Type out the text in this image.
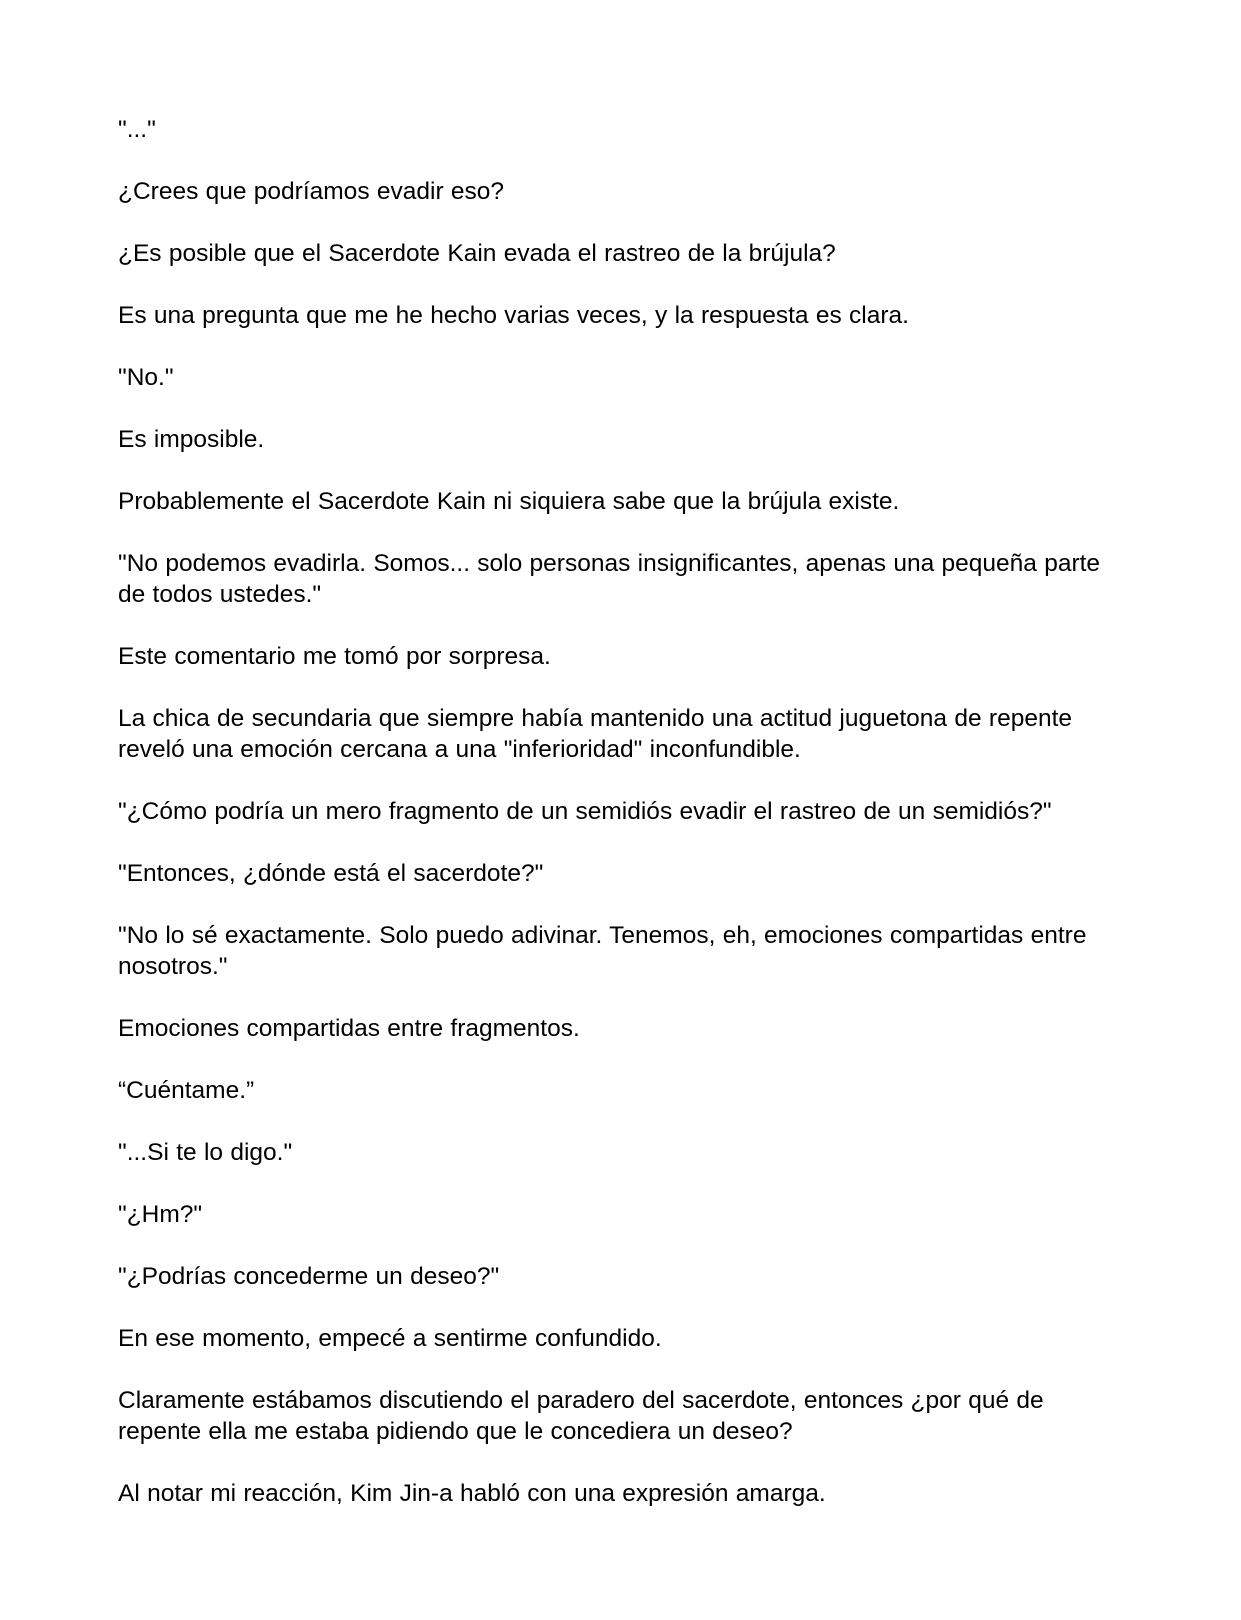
"..."

¿Crees que podríamos evadir eso?

¿Es posible que el Sacerdote Kain evada el rastreo de la brújula?

Es una pregunta que me he hecho varias veces, y la respuesta es clara.

"No."

Es imposible.

Probablemente el Sacerdote Kain ni siquiera sabe que la brújula existe.

"No podemos evadirla. Somos... solo personas insignificantes, apenas una pequeña parte de todos ustedes."

Este comentario me tomó por sorpresa.

La chica de secundaria que siempre había mantenido una actitud juguetona de repente reveló una emoción cercana a una "inferioridad" inconfundible.

"¿Cómo podría un mero fragmento de un semidiós evadir el rastreo de un semidiós?"

"Entonces, ¿dónde está el sacerdote?"

"No lo sé exactamente. Solo puedo adivinar. Tenemos, eh, emociones compartidas entre nosotros."

Emociones compartidas entre fragmentos.

“Cuéntame.”

"...Si te lo digo."

"¿Hm?"

"¿Podrías concederme un deseo?"

En ese momento, empecé a sentirme confundido.

Claramente estábamos discutiendo el paradero del sacerdote, entonces ¿por qué de repente ella me estaba pidiendo que le concediera un deseo?

Al notar mi reacción, Kim Jin-a habló con una expresión amarga.
